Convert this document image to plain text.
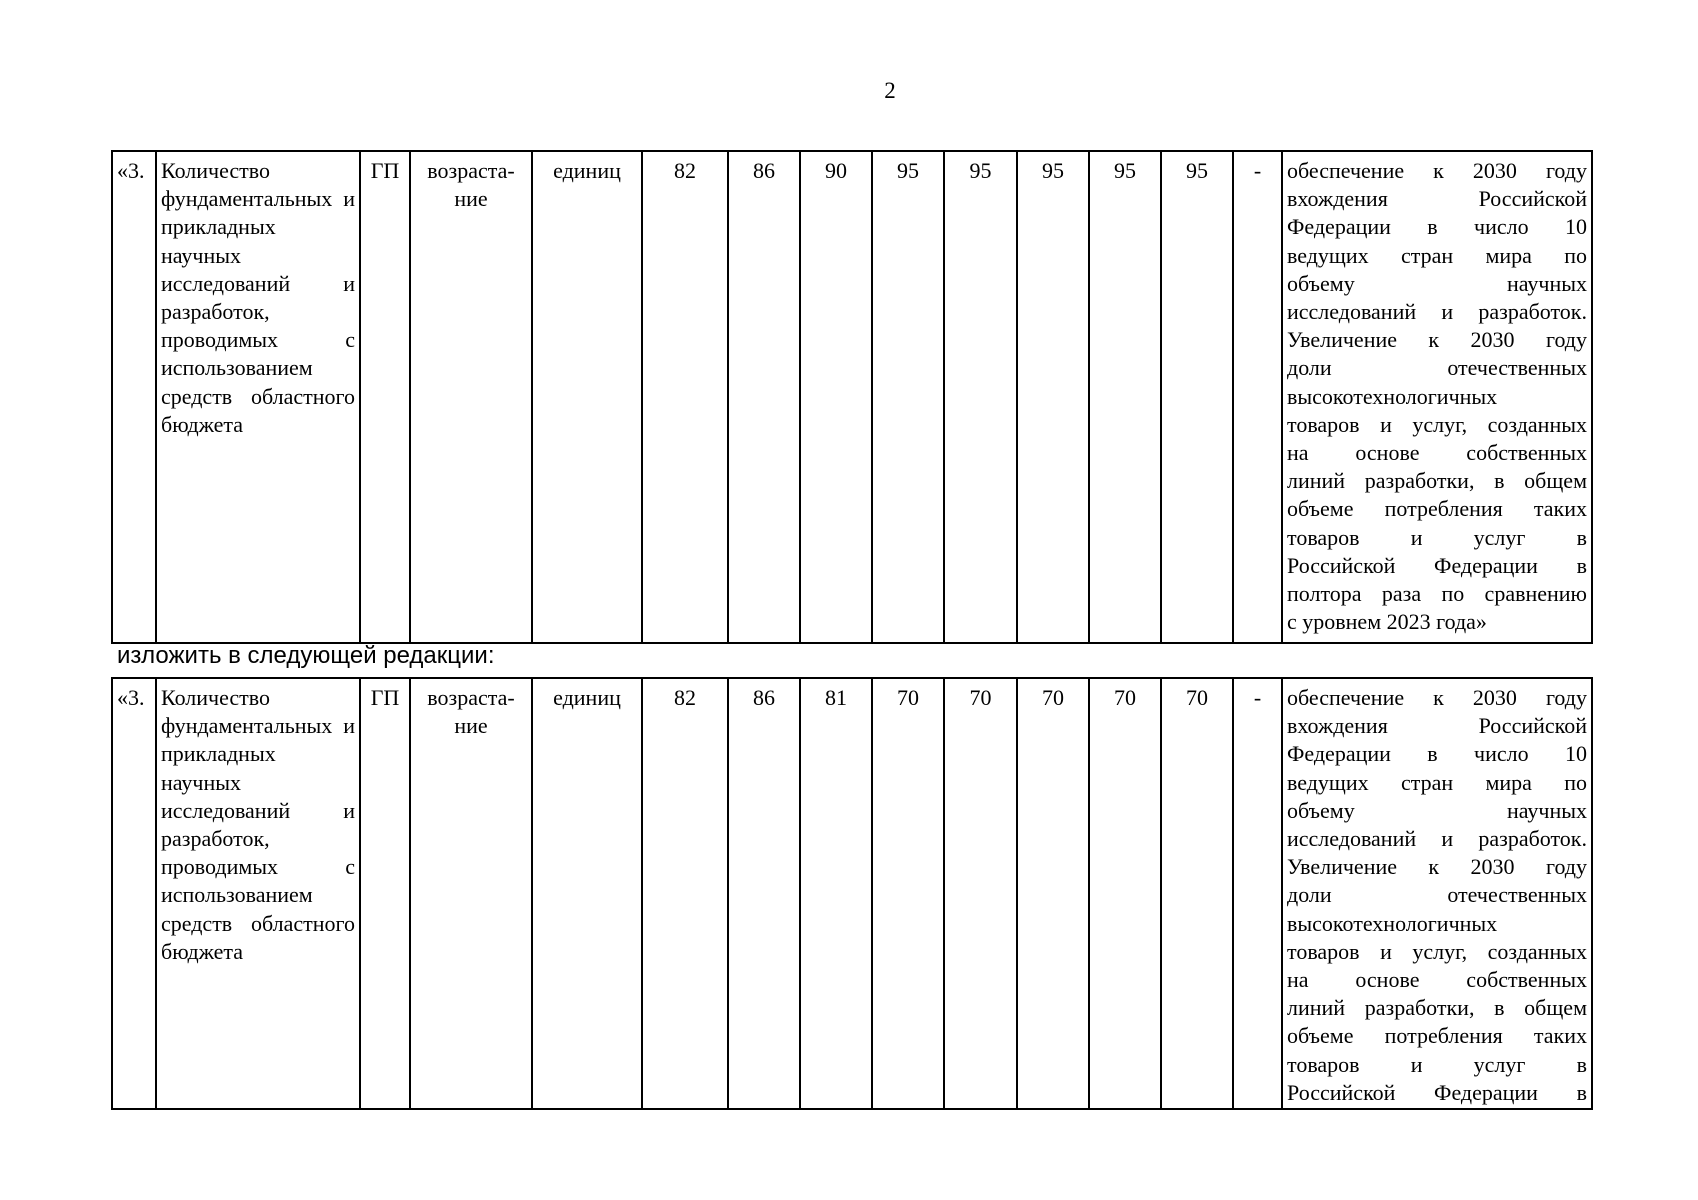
2
«3.	Количество фундаментальных и прикладных научных исследований и разработок, проводимых с использованием средств областного бюджета	ГП	возраста-
ние
	единиц	82	86	90	95	95	95	95	95	-	обеспечение к 2030 году
вхождения Российской
Федерации в число 10
ведущих стран мира по
объему научных
исследований и разработок.
Увеличение к 2030 году
доли отечественных
высокотехнологичных
товаров и услуг, созданных
на основе собственных
линий разработки, в общем
объеме потребления таких
товаров и услуг в
Российской Федерации в
полтора раза по сравнению
с уровнем 2023 года»
изложить в следующей редакции:
«3.	Количество фундаментальных и прикладных научных исследований и разработок, проводимых с использованием средств областного бюджета	ГП	возраста-
ние
	единиц	82	86	81	70	70	70	70	70	-	обеспечение к 2030 году
вхождения Российской
Федерации в число 10
ведущих стран мира по
объему научных
исследований и разработок.
Увеличение к 2030 году
доли отечественных
высокотехнологичных
товаров и услуг, созданных
на основе собственных
линий разработки, в общем
объеме потребления таких
товаров и услуг в
Российской Федерации в
